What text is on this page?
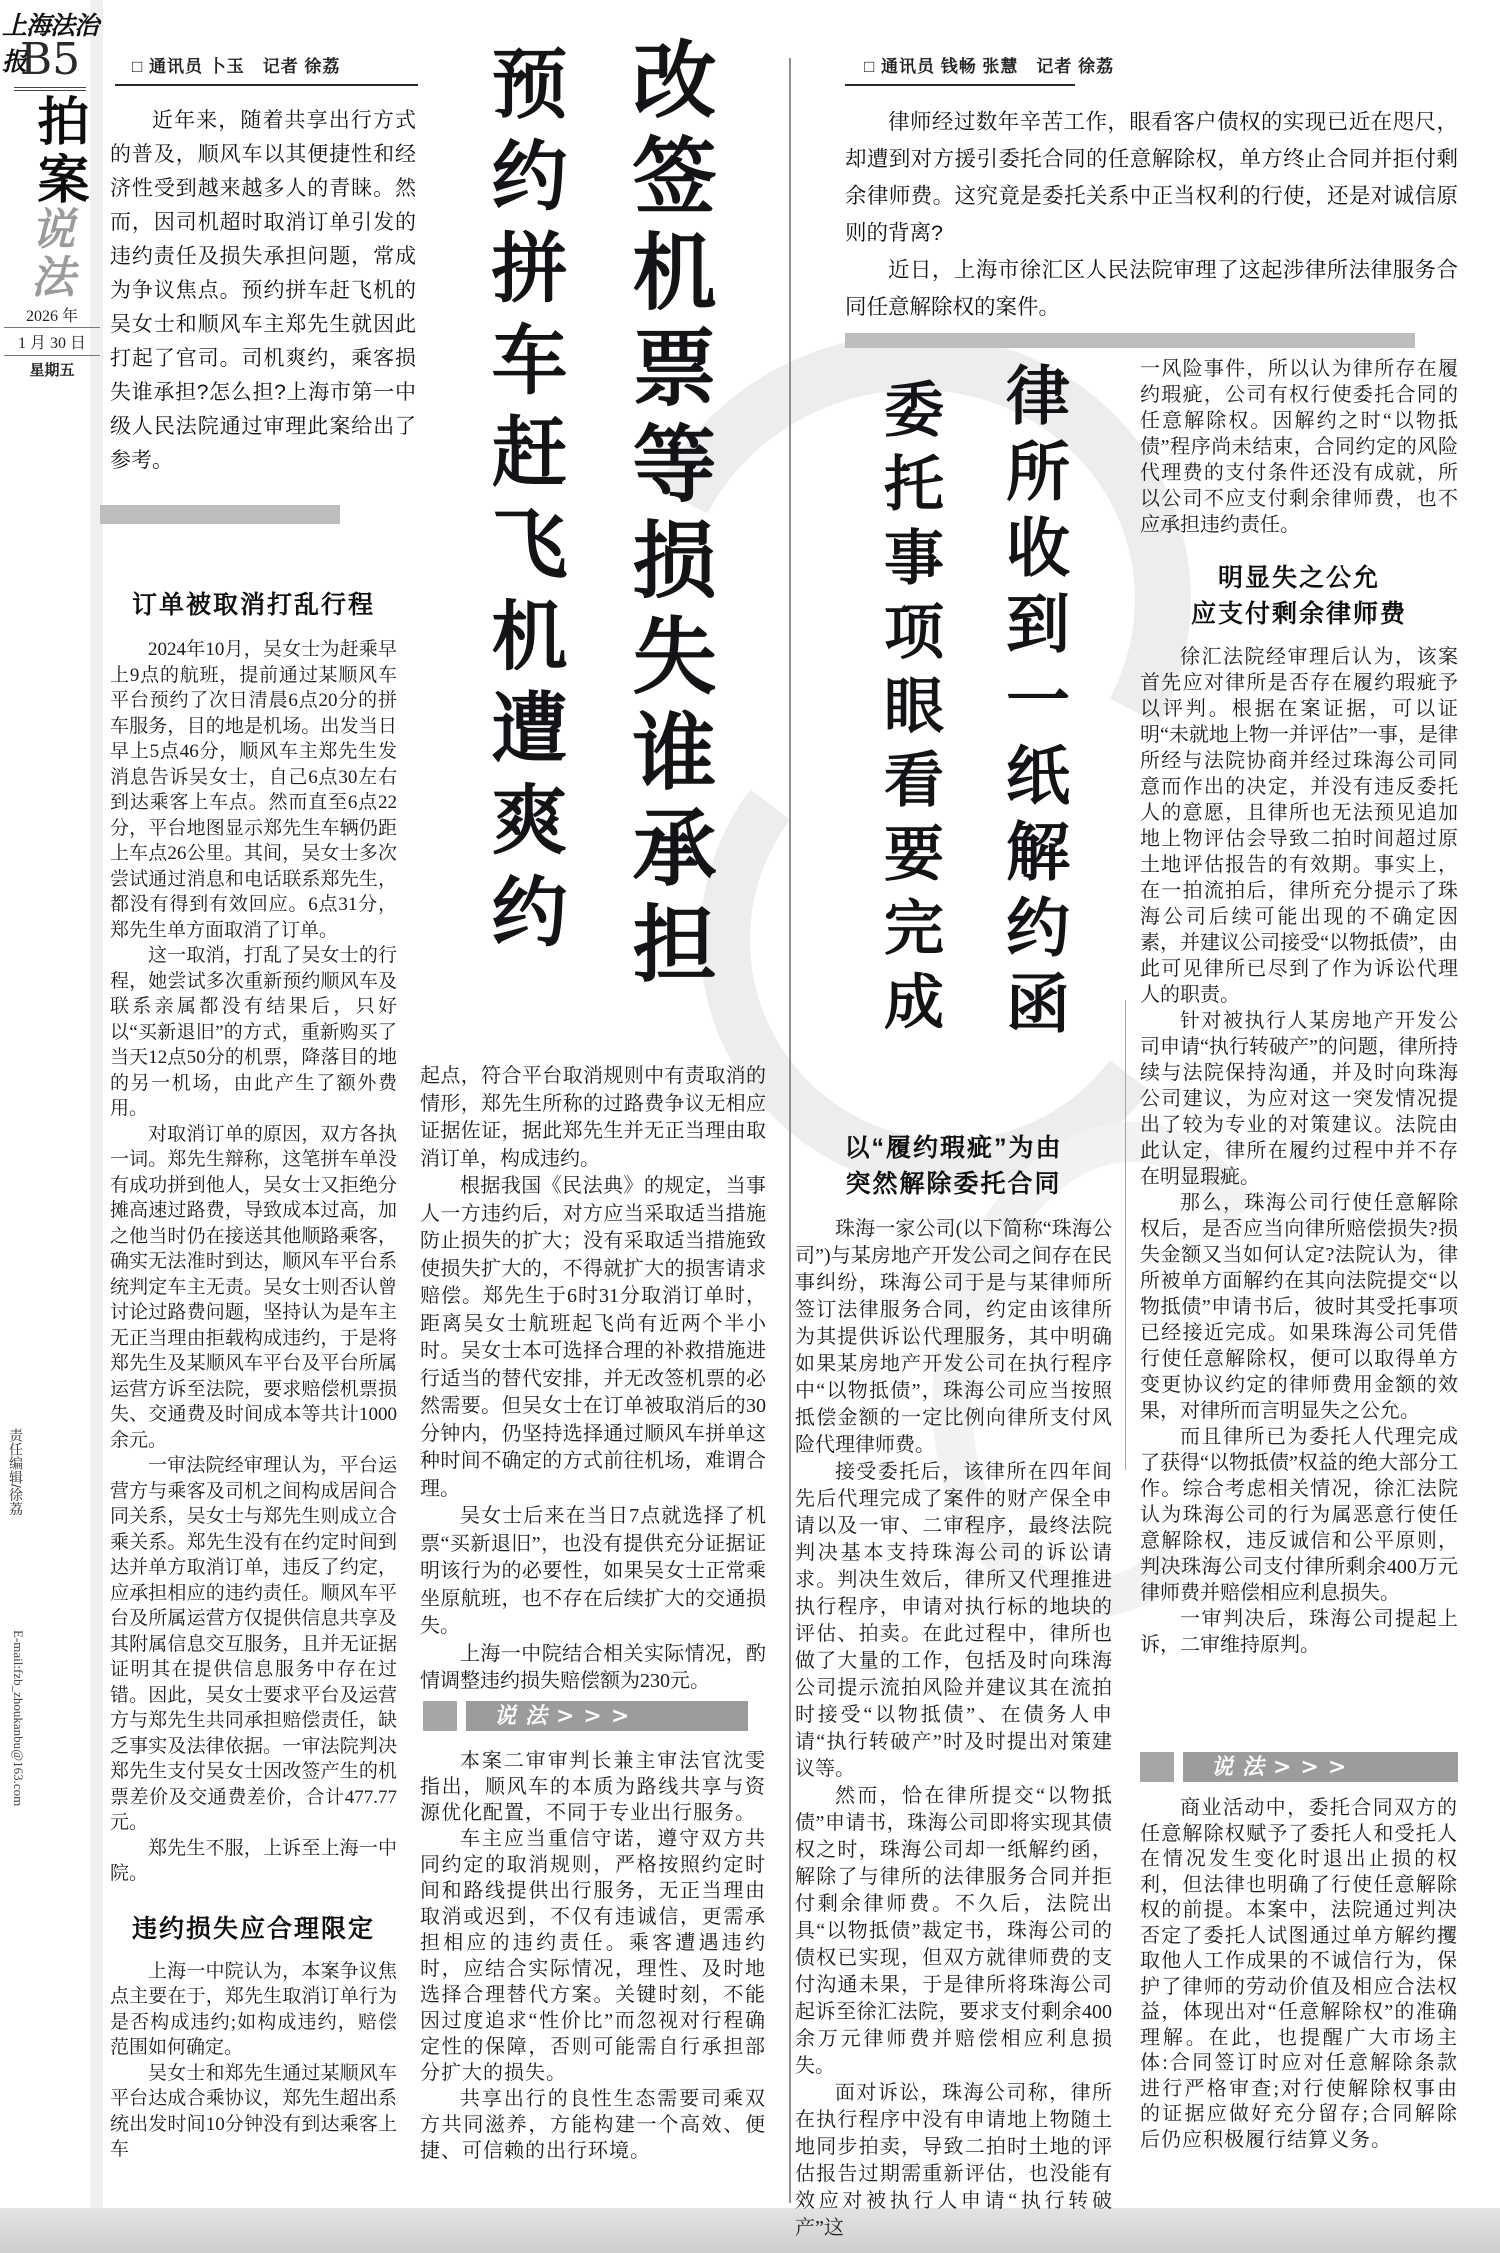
上海法治报
B5
拍案
说法
2026 年
1 月 30 日
星期五
责任编辑/徐荔
E-mail:fzb_zhoukanbu@163.com
□ 通讯员 卜玉　记者 徐荔

近年来，随着共享出行方式的普及，顺风车以其便捷性和经济性受到越来越多人的青睐。然而，因司机超时取消订单引发的违约责任及损失承担问题，常成为争议焦点。预约拼车赶飞机的吴女士和顺风车主郑先生就因此打起了官司。司机爽约，乘客损失谁承担?怎么担?上海市第一中级人民法院通过审理此案给出了参考。	改签机票等损失谁承担
预约拼车赶飞机遭爽约
订单被取消打乱行程

2024年10月，吴女士为赶乘早上9点的航班，提前通过某顺风车平台预约了次日清晨6点20分的拼车服务，目的地是机场。出发当日早上5点46分，顺风车主郑先生发消息告诉吴女士，自己6点30左右到达乘客上车点。然而直至6点22分，平台地图显示郑先生车辆仍距上车点26公里。其间，吴女士多次尝试通过消息和电话联系郑先生，都没有得到有效回应。6点31分，郑先生单方面取消了订单。

这一取消，打乱了吴女士的行程，她尝试多次重新预约顺风车及联系亲属都没有结果后，只好以“买新退旧”的方式，重新购买了当天12点50分的机票，降落目的地的另一机场，由此产生了额外费用。

对取消订单的原因，双方各执一词。郑先生辩称，这笔拼车单没有成功拼到他人，吴女士又拒绝分摊高速过路费，导致成本过高，加之他当时仍在接送其他顺路乘客，确实无法准时到达，顺风车平台系统判定车主无责。吴女士则否认曾讨论过路费问题，坚持认为是车主无正当理由拒载构成违约，于是将郑先生及某顺风车平台及平台所属运营方诉至法院，要求赔偿机票损失、交通费及时间成本等共计1000余元。

一审法院经审理认为，平台运营方与乘客及司机之间构成居间合同关系，吴女士与郑先生则成立合乘关系。郑先生没有在约定时间到达并单方取消订单，违反了约定，应承担相应的违约责任。顺风车平台及所属运营方仅提供信息共享及其附属信息交互服务，且并无证据证明其在提供信息服务中存在过错。因此，吴女士要求平台及运营方与郑先生共同承担赔偿责任，缺乏事实及法律依据。一审法院判决郑先生支付吴女士因改签产生的机票差价及交通费差价，合计477.77元。

郑先生不服，上诉至上海一中院。

违约损失应合理限定

上海一中院认为，本案争议焦点主要在于，郑先生取消订单行为是否构成违约;如构成违约，赔偿范围如何确定。

吴女士和郑先生通过某顺风车平台达成合乘协议，郑先生超出系统出发时间10分钟没有到达乘客上车

起点，符合平台取消规则中有责取消的情形，郑先生所称的过路费争议无相应证据佐证，据此郑先生并无正当理由取消订单，构成违约。

根据我国《民法典》的规定，当事人一方违约后，对方应当采取适当措施防止损失的扩大；没有采取适当措施致使损失扩大的，不得就扩大的损害请求赔偿。郑先生于6时31分取消订单时，距离吴女士航班起飞尚有近两个半小时。吴女士本可选择合理的补救措施进行适当的替代安排，并无改签机票的必然需要。但吴女士在订单被取消后的30分钟内，仍坚持选择通过顺风车拼单这种时间不确定的方式前往机场，难谓合理。

吴女士后来在当日7点就选择了机票“买新退旧”，也没有提供充分证据证明该行为的必要性，如果吴女士正常乘坐原航班，也不存在后续扩大的交通损失。

上海一中院结合相关实际情况，酌情调整违约损失赔偿额为230元。

说法>>>

本案二审审判长兼主审法官沈雯指出，顺风车的本质为路线共享与资源优化配置，不同于专业出行服务。

车主应当重信守诺，遵守双方共同约定的取消规则，严格按照约定时间和路线提供出行服务，无正当理由取消或迟到，不仅有违诚信，更需承担相应的违约责任。乘客遭遇违约时，应结合实际情况，理性、及时地选择合理替代方案。关键时刻，不能因过度追求“性价比”而忽视对行程确定性的保障，否则可能需自行承担部分扩大的损失。

共享出行的良性生态需要司乘双方共同滋养，方能构建一个高效、便捷、可信赖的出行环境。

□ 通讯员 钱畅 张慧　记者 徐荔

律师经过数年辛苦工作，眼看客户债权的实现已近在咫尺，却遭到对方援引委托合同的任意解除权，单方终止合同并拒付剩余律师费。这究竟是委托关系中正当权利的行使，还是对诚信原则的背离?

近日，上海市徐汇区人民法院审理了这起涉律所法律服务合同任意解除权的案件。

律所收到一纸解约函
委托事项眼看要完成
以“履约瑕疵”为由
突然解除委托合同

珠海一家公司(以下简称“珠海公司”)与某房地产开发公司之间存在民事纠纷，珠海公司于是与某律师所签订法律服务合同，约定由该律所为其提供诉讼代理服务，其中明确如果某房地产开发公司在执行程序中“以物抵债”，珠海公司应当按照抵偿金额的一定比例向律所支付风险代理律师费。

接受委托后，该律所在四年间先后代理完成了案件的财产保全申请以及一审、二审程序，最终法院判决基本支持珠海公司的诉讼请求。判决生效后，律所又代理推进执行程序，申请对执行标的地块的评估、拍卖。在此过程中，律所也做了大量的工作，包括及时向珠海公司提示流拍风险并建议其在流拍时接受“以物抵债”、在债务人申请“执行转破产”时及时提出对策建议等。

然而，恰在律所提交“以物抵债”申请书，珠海公司即将实现其债权之时，珠海公司却一纸解约函，解除了与律所的法律服务合同并拒付剩余律师费。不久后，法院出具“以物抵债”裁定书，珠海公司的债权已实现，但双方就律师费的支付沟通未果，于是律所将珠海公司起诉至徐汇法院，要求支付剩余400余万元律师费并赔偿相应利息损失。

面对诉讼，珠海公司称，律所在执行程序中没有申请地上物随土地同步拍卖，导致二拍时土地的评估报告过期需重新评估，也没能有效应对被执行人申请“执行转破产”这

一风险事件，所以认为律所存在履约瑕疵，公司有权行使委托合同的任意解除权。因解约之时“以物抵债”程序尚未结束，合同约定的风险代理费的支付条件还没有成就，所以公司不应支付剩余律师费，也不应承担违约责任。

明显失之公允
应支付剩余律师费

徐汇法院经审理后认为，该案首先应对律所是否存在履约瑕疵予以评判。根据在案证据，可以证明“未就地上物一并评估”一事，是律所经与法院协商并经过珠海公司同意而作出的决定，并没有违反委托人的意愿，且律所也无法预见追加地上物评估会导致二拍时间超过原土地评估报告的有效期。事实上，在一拍流拍后，律所充分提示了珠海公司后续可能出现的不确定因素，并建议公司接受“以物抵债”，由此可见律所已尽到了作为诉讼代理人的职责。

针对被执行人某房地产开发公司申请“执行转破产”的问题，律所持续与法院保持沟通，并及时向珠海公司建议，为应对这一突发情况提出了较为专业的对策建议。法院由此认定，律所在履约过程中并不存在明显瑕疵。

那么，珠海公司行使任意解除权后，是否应当向律所赔偿损失?损失金额又当如何认定?法院认为，律所被单方面解约在其向法院提交“以物抵债”申请书后，彼时其受托事项已经接近完成。如果珠海公司凭借行使任意解除权，便可以取得单方变更协议约定的律师费用金额的效果，对律所而言明显失之公允。

而且律所已为委托人代理完成了获得“以物抵债”权益的绝大部分工作。综合考虑相关情况，徐汇法院认为珠海公司的行为属恶意行使任意解除权，违反诚信和公平原则，判决珠海公司支付律所剩余400万元律师费并赔偿相应利息损失。

一审判决后，珠海公司提起上诉，二审维持原判。

说法>>>

商业活动中，委托合同双方的任意解除权赋予了委托人和受托人在情况发生变化时退出止损的权利，但法律也明确了行使任意解除权的前提。本案中，法院通过判决否定了委托人试图通过单方解约攫取他人工作成果的不诚信行为，保护了律师的劳动价值及相应合法权益，体现出对“任意解除权”的准确理解。在此，也提醒广大市场主体:合同签订时应对任意解除条款进行严格审查;对行使解除权事由的证据应做好充分留存;合同解除后仍应积极履行结算义务。
